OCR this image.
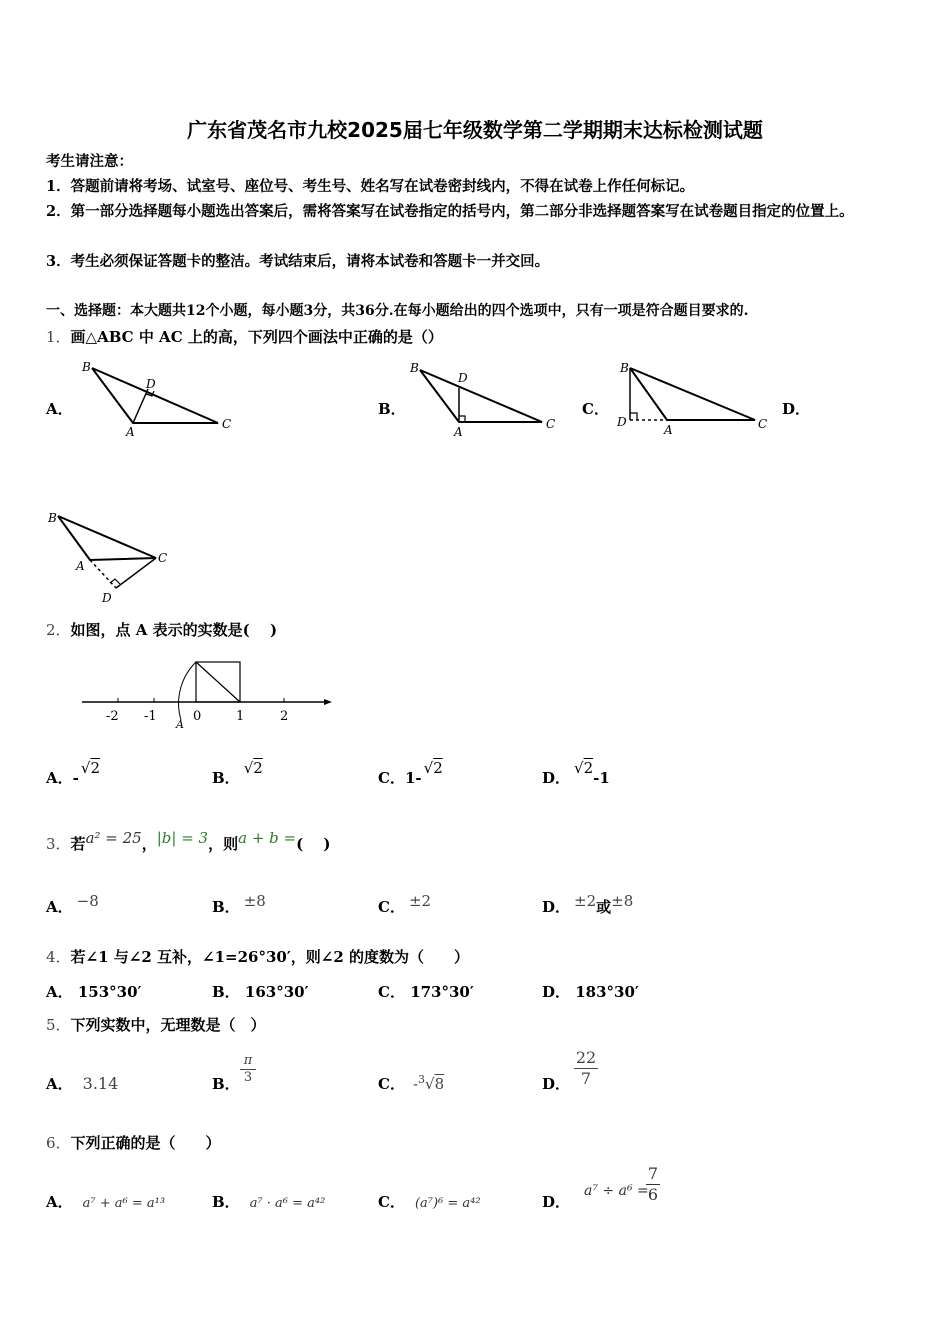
广东省茂名市九校2025届七年级数学第二学期期末达标检测试题
考生请注意：
1．答题前请将考场、试室号、座位号、考生号、姓名写在试卷密封线内，不得在试卷上作任何标记。
2．第一部分选择题每小题选出答案后，需将答案写在试卷指定的括号内，第二部分非选择题答案写在试卷题目指定的位置上。
3．考生必须保证答题卡的整洁。考试结束后，请将本试卷和答题卡一并交回。
一、选择题：本大题共12个小题，每小题3分，共36分.在每小题给出的四个选项中，只有一项是符合题目要求的.
1．画△ABC 中 AC 上的高，下列四个画法中正确的是（）
A．
B
D
A
C
B．
B
D
A
C
C．
B
D
A	C
D．
B
A
C
D
2．如图，点 A 表示的实数是(　 )
-2 -1	0	1	2
A
A．-√2
B．√2
C．1-√2
D．√2-1
3．若a² = 25，|b| = 3，则a + b =(　 )
A． −8	B． ±8	C． ±2	D． ±2或±8
4．若∠1 与∠2 互补，∠1=26°30′，则∠2 的度数为（　　）
A． 153°30′	B． 163°30′	C． 173°30′	D． 183°30′
5．下列实数中，无理数是（　）
A． 3.14	B．
π
3	C． -$^3$√8	D．
22
7
6．下列正确的是（　　）
A． a⁷ + a⁶ = a¹³	B． a⁷ · a⁶ = a⁴²	C． (a⁷)⁶ = a⁴²	D．a⁷ ÷ a⁶ =
7
6
